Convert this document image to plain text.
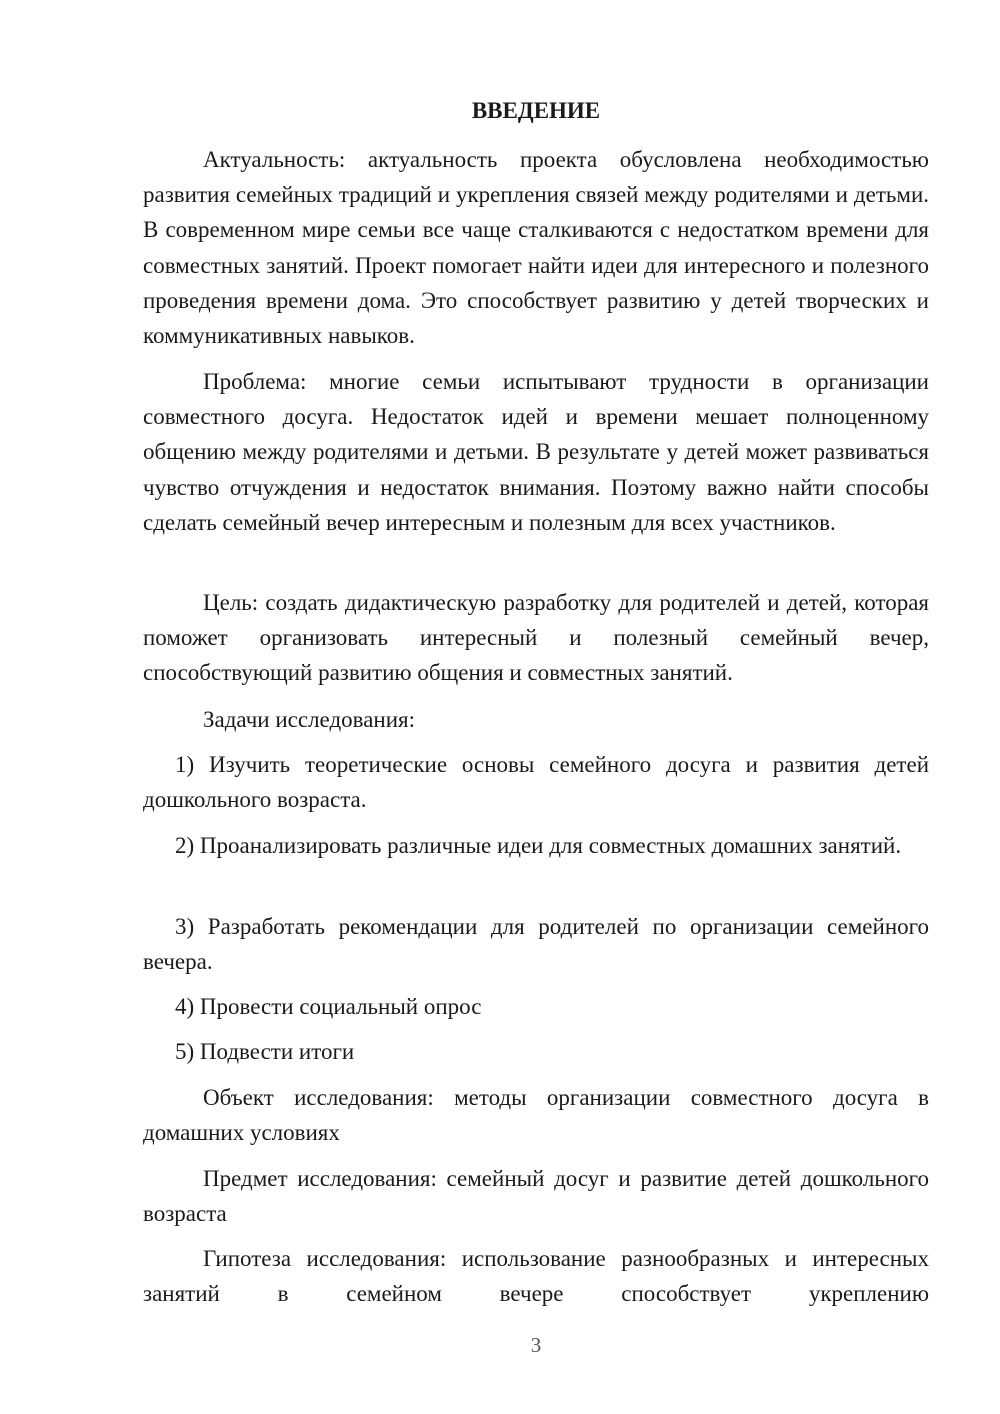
ВВЕДЕНИЕ

Актуальность: актуальность проекта обусловлена необходимостью развития семейных традиций и укрепления связей между родителями и детьми. В современном мире семьи все чаще сталкиваются с недостатком времени для совместных занятий. Проект помогает найти идеи для интересного и полезного проведения времени дома. Это способствует развитию у детей творческих и коммуникативных навыков.

Проблема: многие семьи испытывают трудности в организации совместного досуга. Недостаток идей и времени мешает полноценному общению между родителями и детьми. В результате у детей может развиваться чувство отчуждения и недостаток внимания. Поэтому важно найти способы сделать семейный вечер интересным и полезным для всех участников.

Цель: создать дидактическую разработку для родителей и детей, которая поможет организовать интересный и полезный семейный вечер, способствующий развитию общения и совместных занятий.

Задачи исследования:

1) Изучить теоретические основы семейного досуга и развития детей дошкольного возраста.

2) Проанализировать различные идеи для совместных домашних занятий.

3) Разработать рекомендации для родителей по организации семейного вечера.

4) Провести социальный опрос

5) Подвести итоги

Объект исследования: методы организации совместного досуга в домашних условиях

Предмет исследования: семейный досуг и развитие детей дошкольного возраста

Гипотеза исследования: использование разнообразных и интересных занятий в семейном вечере способствует укреплению

3
